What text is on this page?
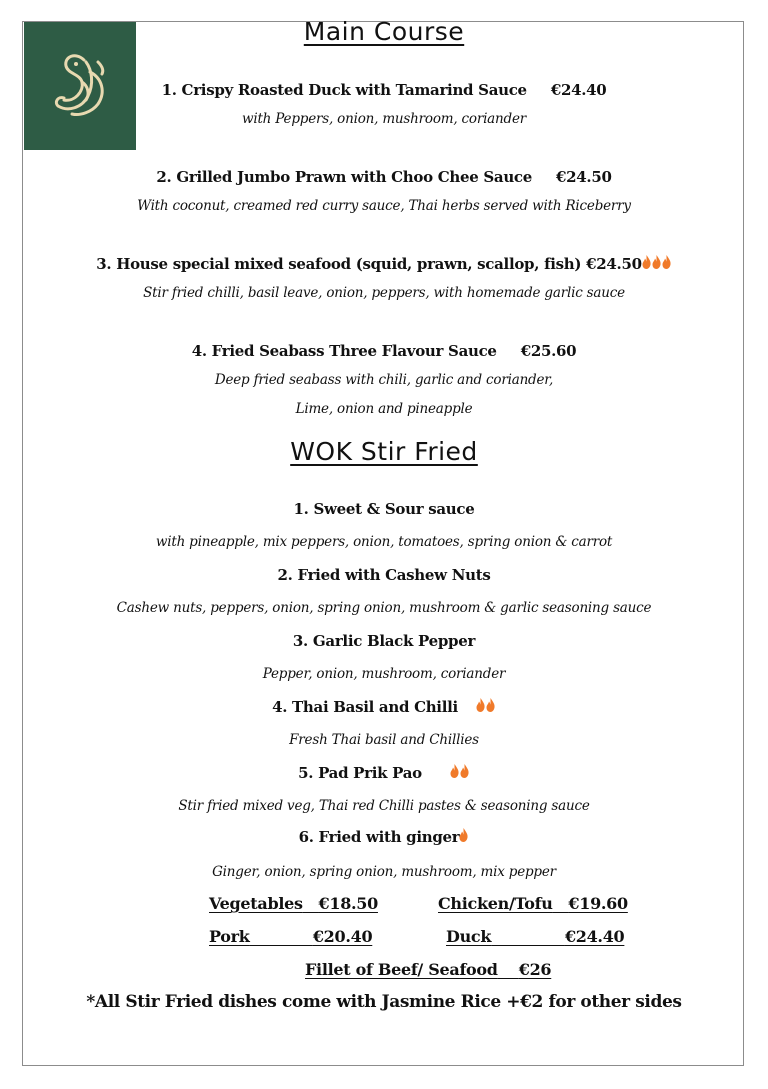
Main Course
1. Crispy Roasted Duck with Tamarind Sauce €24.40
with Peppers, onion, mushroom, coriander
2. Grilled Jumbo Prawn with Choo Chee Sauce €24.50
With coconut, creamed red curry sauce, Thai herbs served with Riceberry
3. House special mixed seafood (squid, prawn, scallop, fish) €24.50
Stir fried chilli, basil leave, onion, peppers, with homemade garlic sauce
4. Fried Seabass Three Flavour Sauce €25.60
Deep fried seabass with chili, garlic and coriander,
Lime, onion and pineapple
WOK Stir Fried
1. Sweet & Sour sauce
with pineapple, mix peppers, onion, tomatoes, spring onion & carrot
2. Fried with Cashew Nuts
Cashew nuts, peppers, onion, spring onion, mushroom & garlic seasoning sauce
3. Garlic Black Pepper
Pepper, onion, mushroom, coriander
4. Thai Basil and Chilli
Fresh Thai basil and Chillies
5. Pad Prik Pao
Stir fried mixed veg, Thai red Chilli pastes & seasoning sauce
6. Fried with ginger
Ginger, onion, spring onion, mushroom, mix pepper
Vegetables €18.50	Chicken/Tofu €19.60
Pork	€20.40	Duck	€24.40
Fillet of Beef/ Seafood €26
*All Stir Fried dishes come with Jasmine Rice +€2 for other sides
